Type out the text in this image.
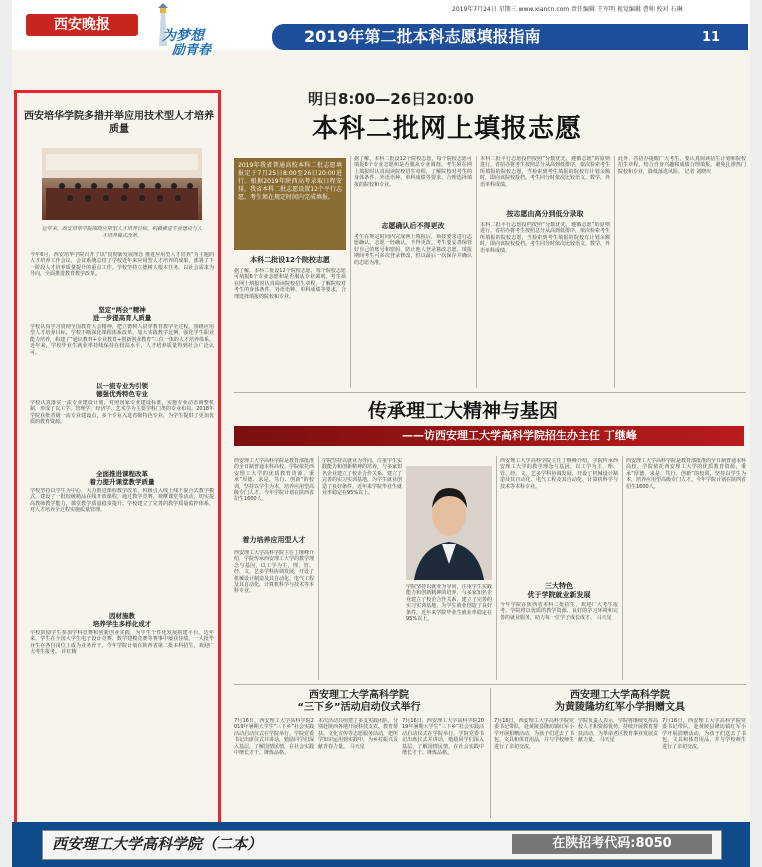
西安晚报
为梦想
励青春
2019年7月24日 星期三 www.xiancn.com 责任编辑 王军明 视觉编辑 曹帅 校对 石琳
2019年第二批本科志愿填报指南	11
西安培华学院多措并举应用技术型人才培养质量
近年来，西安培华学院围绕应用型人才培养目标，积极推进专业建设与人才培养模式改革。
今年6月，西安培华学院召开了以“贯彻新发展理念 推进应用型人才培养”为主题的人才培养工作会议，会议系统总结了学校近年来应用型人才培养的成果，部署了下一阶段人才培养质量提升的重点工作。学校坚持立德树人根本任务，以社会需求为导向，全面推进教育教学改革。
坚定“两会”精神
进一步提高育人质量
学校认真学习贯彻全国教育大会精神，把立德树人贯穿教育教学全过程。围绕应用型人才培养目标，学校不断深化课程体系改革，加大实践教学比例，强化学生职业能力培养，构建了“通识教育+专业教育+创新创业教育”三位一体的人才培养体系。近年来，学校毕业生就业率持续保持在较高水平，人才培养质量得到社会广泛认可。
以一流专业为引领
德强优秀特色专业
学校认真落实一流专业建设计划，对照国家专业建设标准，实施专业动态调整机制，形成了以工学、管理学、经济学、艺术学为主要学科门类的专业布局。2018年学院获批省级一流专业建设点，多个专业入选省级特色专业，为学生提供了更加优质的教育资源。
全面推进课程改革
着力提升课堂教学质量
学校坚持以学生为中心，大力推进课程教学改革，积极引入线上线下混合式教学模式，建设了一批校级精品在线开放课程。通过教学竞赛、观摩课堂等活动，切实提高教师教学能力，课堂教学质量稳步提升。学校建立了完善的教学质量监控体系，对人才培养全过程实施质量管理。
因材施教
培养学生多样化成才
学校鼓励学生参加学科竞赛和创新创业实践，为学生个性化发展搭建平台。近年来，学生在全国大学生电子设计竞赛、数学建模竞赛等赛事中屡获佳绩，一大批毕业生在各自岗位上成为业务骨干。今年学院计划在陕西省第二批本科招生，欢迎广大考生报考。 许红梅
明日8:00—26日20:00
本科二批网上填报志愿
2019年我省普通高校本科二批志愿填报定于7月25日8:00至26日20:00进行。根据2019年陕西高考录取日程安排，我省本科二批志愿设置12个平行志愿，考生须在规定时间内完成填报。
本科二批设12个院校志愿
据了解，本科二批设12个院校志愿，每个院校志愿可填报6个专业志愿和是否服从专业调剂。考生须在网上填报时认真阅读院校招生章程，了解院校对考生的身体条件、外语语种、单科成绩等要求，合理选择填报的院校和专业。
据了解，本科二批设12个院校志愿，每个院校志愿可填报6个专业志愿和是否服从专业调剂。考生须在网上填报时认真阅读院校招生章程，了解院校对考生的身体条件、外语语种、单科成绩等要求，合理选择填报的院校和专业。
志愿确认后不得更改
考生在规定时间内完成网上填报后，须按要求进行志愿确认。志愿一经确认，不得更改。考生要妥善保管好自己的账号和密码，防止他人登录篡改志愿。填报期间考生可多次登录修改，但以最后一次保存并确认的志愿为准。
按志愿由高分到低分录取
本科二批平行志愿投档按照“分数优先，遵循志愿”的原则进行。省招办将考生按照总分从高到低排序，依次检索考生所填报的院校志愿，当检索到考生填报的院校有计划余额时，即向该院校投档。考生同分时依次比较语文、数学、外语单科成绩。
本科二批平行志愿投档按照“分数优先，遵循志愿”的原则进行。省招办将考生按照总分从高到低排序，依次检索考生所填报的院校志愿，当检索到考生填报的院校有计划余额时，即向该院校投档。考生同分时依次比较语文、数学、外语单科成绩。
此外，省招办提醒广大考生，要认真阅读招生计划和院校招生章程，结合自身兴趣和成绩合理填报，避免扎堆热门院校和专业，降低落选风险。 记者 刘晓庆
传承理工大精神与基因
——访西安理工大学高科学院招生办主任 丁继峰
西安理工大学高科学院是教育部批准的全日制普通本科高校。学院依托西安理工大学的优质教育资源，秉承“厚德、求是、笃行、创新”的校训，坚持以学生为本，培养应用型高级专门人才。今年学院计划在陕西省招生1600人。
着力培养应用型人才
西安理工大学高科学院主任丁继峰介绍，学院传承西安理工大学的教学理念与基因，以工学为主，理、管、经、文、艺多学科协调发展，开设了机械设计制造及其自动化、电气工程及其自动化、计算机科学与技术等本科专业。
学院坚持以就业为导向，注重学生实践能力和创新精神的培养，与多家知名企业建立了校企合作关系，建立了完善的实习实训基地，为学生就业创造了良好条件。近年来学院毕业生就业率稳定在95%以上。
学院坚持以就业为导向，注重学生实践能力和创新精神的培养，与多家知名企业建立了校企合作关系，建立了完善的实习实训基地，为学生就业创造了良好条件。近年来学院毕业生就业率稳定在95%以上。
西安理工大学高科学院主任丁继峰介绍，学院传承西安理工大学的教学理念与基因，以工学为主，理、管、经、文、艺多学科协调发展，开设了机械设计制造及其自动化、电气工程及其自动化、计算机科学与技术等本科专业。
三大特色
优于学院就业新发展
今年学院在陕西省本科二批招生，欢迎广大考生报考。学院将以优质的教学资源、良好的学习环境和完善的就业服务，助力每一位学子成长成才。 马天星
西安理工大学高科学院是教育部批准的全日制普通本科高校。学院依托西安理工大学的优质教育资源，秉承“厚德、求是、笃行、创新”的校训，坚持以学生为本，培养应用型高级专门人才。今年学院计划在陕西省招生1600人。
西安理工大学高科学院
“三下乡”活动启动仪式举行
7月16日，西安理工大学高科学院2019年暑期大学生“三下乡”社会实践活动启动仪式在学院举行。学院党委书记出席仪式并讲话，勉励同学们深入基层，了解国情民情，在社会实践中增长才干、锤炼品格。
本次活动共组建了多支实践团队，分别赴陕西各地开展科技支农、教育帮扶、文化宣传等志愿服务活动，把所学知识运用到实践中，为乡村振兴贡献青春力量。 马天星
7月16日，西安理工大学高科学院2019年暑期大学生“三下乡”社会实践活动启动仪式在学院举行。学院党委书记出席仪式并讲话，勉励同学们深入基层，了解国情民情，在社会实践中增长才干、锤炼品格。
西安理工大学高科学院
为黄陵隆坊红军小学捐赠文具
7月16日，西安理工大学高科学院党委书记带队，赴黄陵县隆坊镇红军小学开展捐赠活动，为孩子们送去了书包、文具和体育用品，并与学校师生进行了亲切交流。
学院负责人表示，学院将继续发挥高校人才和资源优势，持续开展教育帮扶活动，为革命老区教育事业发展贡献力量。 马天星
7月16日，西安理工大学高科学院党委书记带队，赴黄陵县隆坊镇红军小学开展捐赠活动，为孩子们送去了书包、文具和体育用品，并与学校师生进行了亲切交流。
西安理工大学高科学院（二本）	在陕招考代码:8050
